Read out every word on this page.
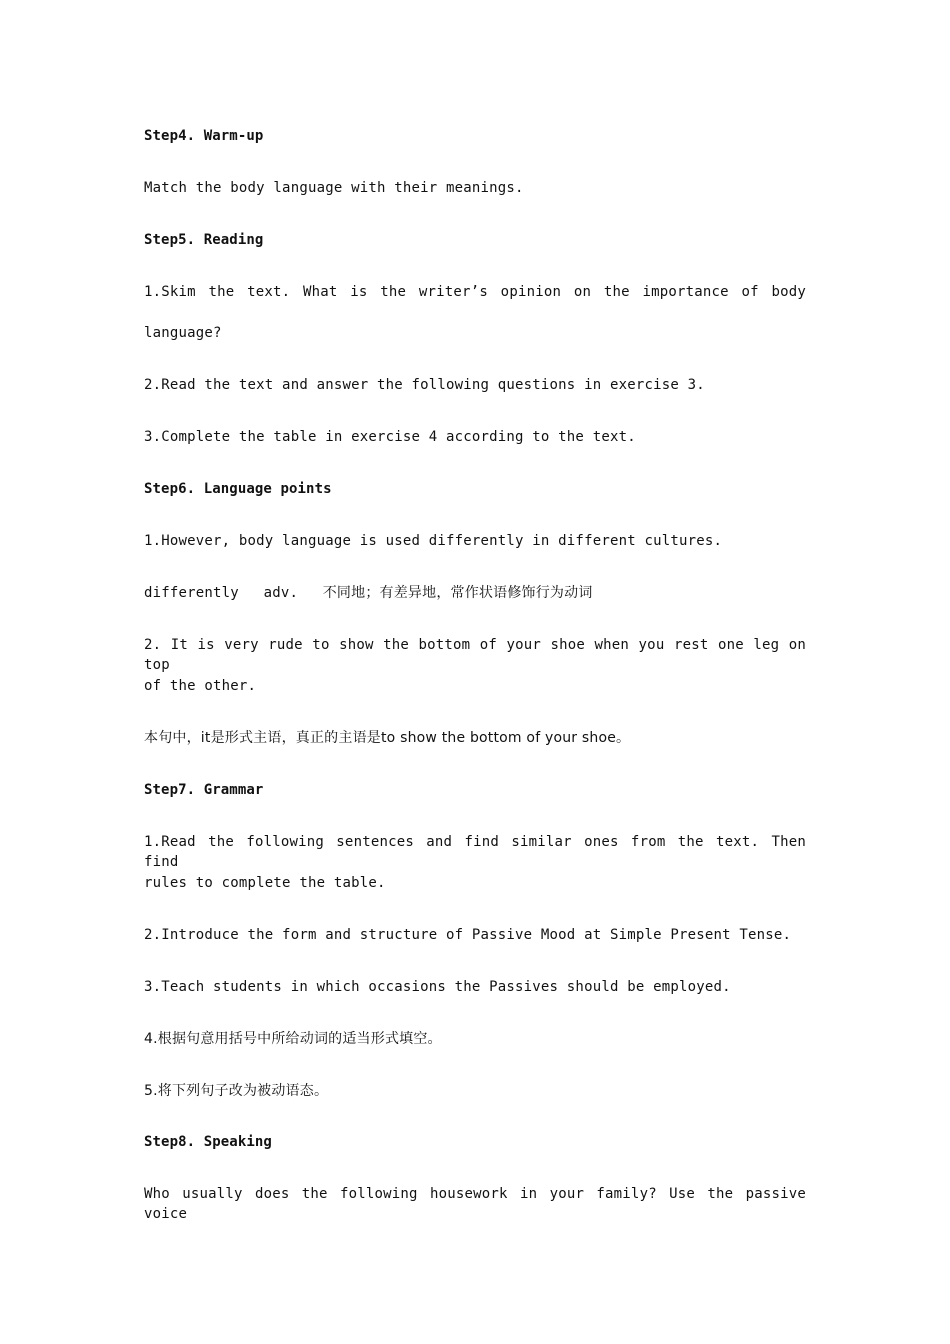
Step4. Warm-up
Match the body language with their meanings.
Step5. Reading
1.Skim the text. What is the writer’s opinion on the importance of body
language?
2.Read the text and answer the following questions in exercise 3.
3.Complete the table in exercise 4 according to the text.
Step6. Language points
1.However, body language is used differently in different cultures.
differently adv. 不同地；有差异地，常作状语修饰行为动词
2. It is very rude to show the bottom of your shoe when you rest one leg on top
of the other.
本句中，it是形式主语，真正的主语是to show the bottom of your shoe。
Step7. Grammar
1.Read the following sentences and find similar ones from the text. Then find
rules to complete the table.
2.Introduce the form and structure of Passive Mood at Simple Present Tense.
3.Teach students in which occasions the Passives should be employed.
4.根据句意用括号中所给动词的适当形式填空。
5.将下列句子改为被动语态。
Step8. Speaking
Who usually does the following housework in your family? Use the passive voice
